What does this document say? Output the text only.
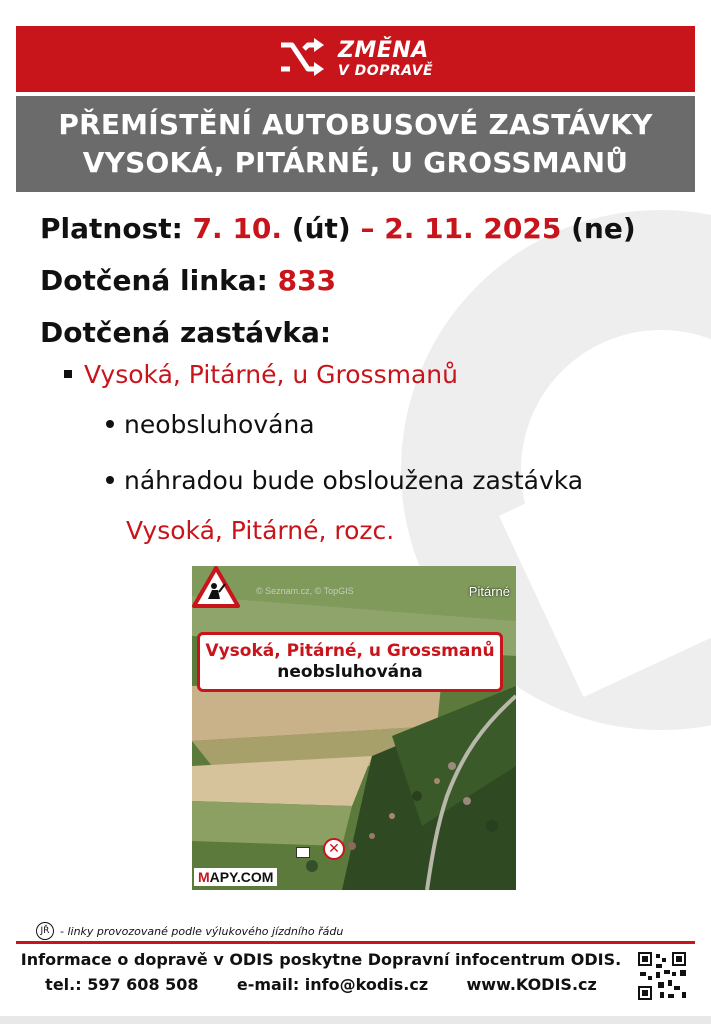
ZMĚNA
V DOPRAVĚ
PŘEMÍSTĚNÍ AUTOBUSOVÉ ZASTÁVKY
VYSOKÁ, PITÁRNÉ, U GROSSMANŮ
Platnost:
7. 10.
(út)
– 2. 11. 2025
(ne)
Dotčená linka:
833
Dotčená zastávka:
Vysoká, Pitárné, u Grossmanů
neobsluhována
náhradou bude obsloužena zastávka
Vysoká, Pitárné, rozc.
© Seznam.cz, © TopGIS	Pitárné
Vysoká, Pitárné, u Grossmanů
neobsluhována
✕
MAPY.COM
JŘ - linky provozované podle výlukového jízdního řádu
Informace o dopravě v ODIS poskytne Dopravní infocentrum ODIS.
tel.: 597 608 508 e-mail: info@kodis.cz www.KODIS.cz
